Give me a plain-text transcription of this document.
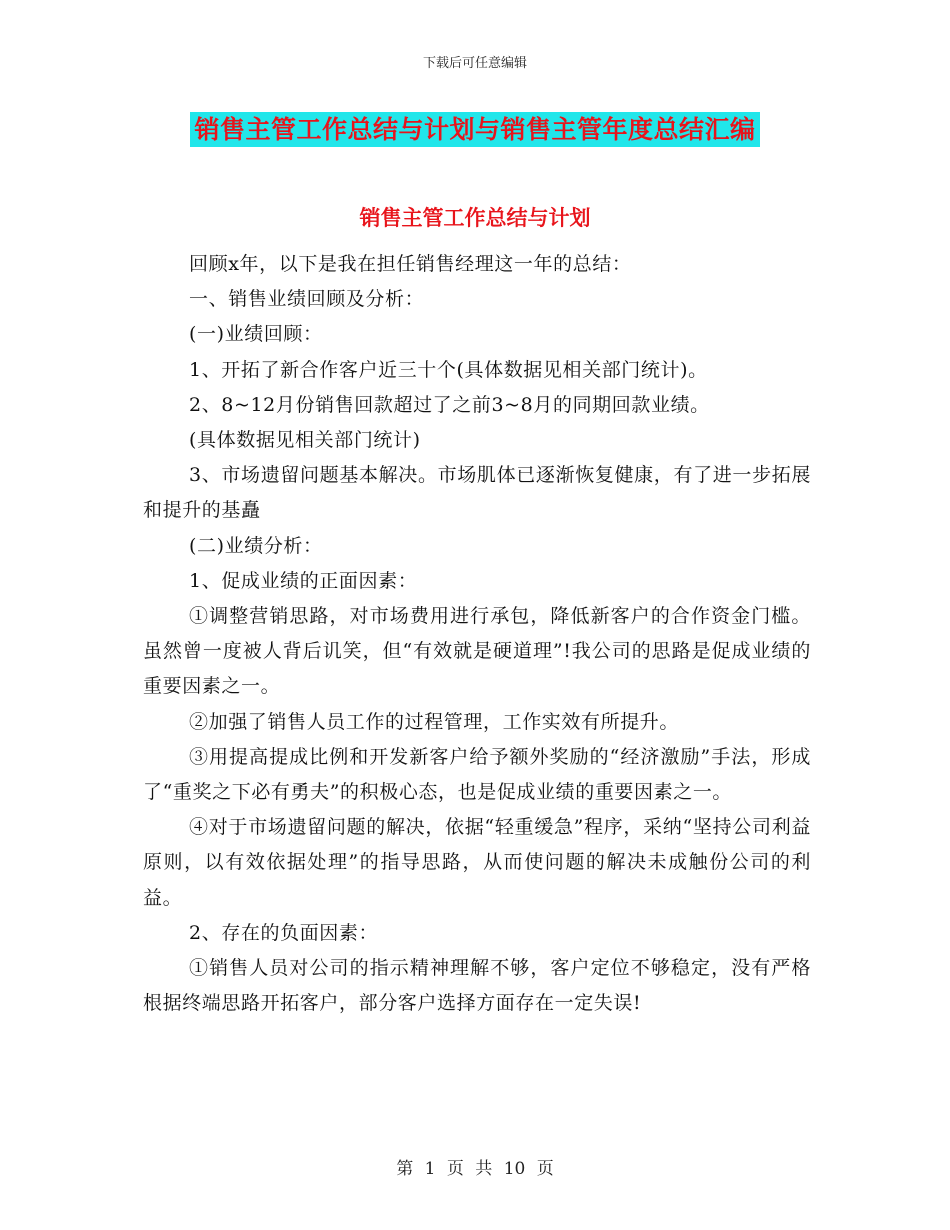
下载后可任意编辑
销售主管工作总结与计划与销售主管年度总结汇编
销售主管工作总结与计划

回顾x年，以下是我在担任销售经理这一年的总结：

一、销售业绩回顾及分析：

(一)业绩回顾：

1、开拓了新合作客户近三十个(具体数据见相关部门统计)。

2、8~12月份销售回款超过了之前3~8月的同期回款业绩。

(具体数据见相关部门统计)

3、市场遗留问题基本解决。市场肌体已逐渐恢复健康，有了进一步拓展和提升的基矗

(二)业绩分析：

1、促成业绩的正面因素：

①调整营销思路，对市场费用进行承包，降低新客户的合作资金门槛。虽然曾一度被人背后讥笑，但“有效就是硬道理”!我公司的思路是促成业绩的重要因素之一。

②加强了销售人员工作的过程管理，工作实效有所提升。

③用提高提成比例和开发新客户给予额外奖励的“经济激励”手法，形成了“重奖之下必有勇夫”的积极心态，也是促成业绩的重要因素之一。

④对于市场遗留问题的解决，依据“轻重缓急”程序，采纳“坚持公司利益原则，以有效依据处理”的指导思路，从而使问题的解决未成触份公司的利益。

2、存在的负面因素：

①销售人员对公司的指示精神理解不够，客户定位不够稳定，没有严格根据终端思路开拓客户，部分客户选择方面存在一定失误!

第 1 页 共 10 页
